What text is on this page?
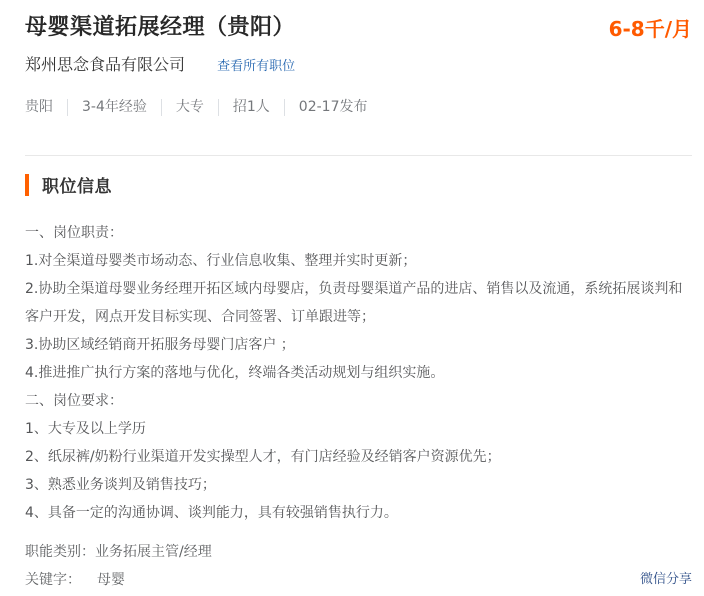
母婴渠道拓展经理（贵阳）	6-8千/月
郑州思念食品有限公司 查看所有职位
贵阳 3-4年经验 大专 招1人 02-17发布
职位信息

一、岗位职责：

1.对全渠道母婴类市场动态、行业信息收集、整理并实时更新；

2.协助全渠道母婴业务经理开拓区域内母婴店，负责母婴渠道产品的进店、销售以及流通，系统拓展谈判和客户开发，网点开发目标实现、合同签署、订单跟进等；

3.协助区域经销商开拓服务母婴门店客户 ；

4.推进推广执行方案的落地与优化，终端各类活动规划与组织实施。

二、岗位要求：

1、大专及以上学历

2、纸尿裤/奶粉行业渠道开发实操型人才，有门店经验及经销客户资源优先；

3、熟悉业务谈判及销售技巧；

4、具备一定的沟通协调、谈判能力，具有较强销售执行力。

职能类别：业务拓展主管/经理
关键字： 母婴	微信分享
